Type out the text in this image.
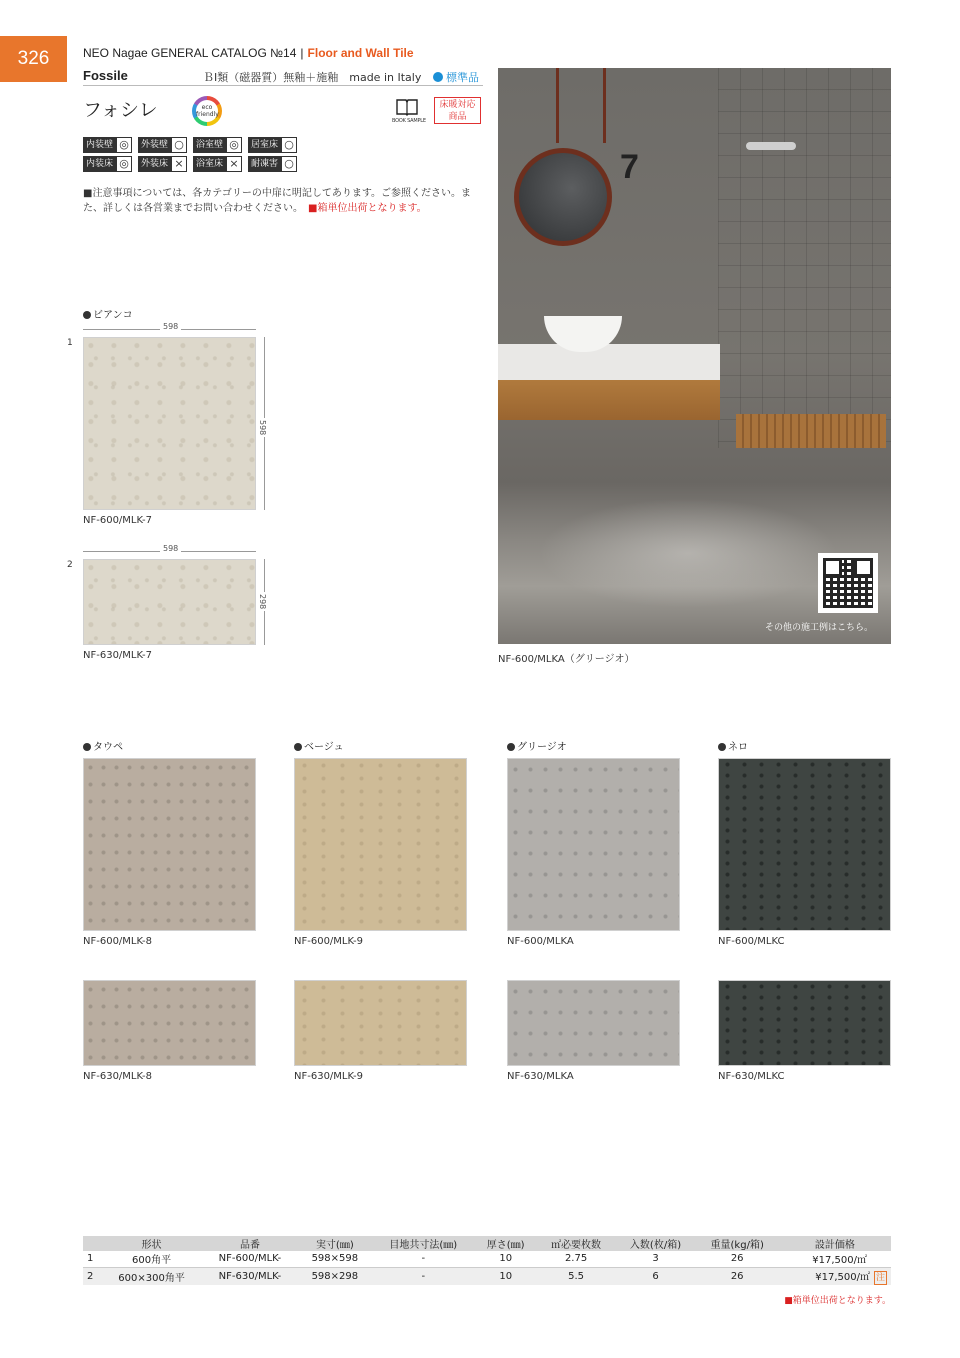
326	NEO Nagae GENERAL CATALOG №14 | Floor and Wall Tile
Fossile	ＢⅠ類（磁器質）無釉＋施釉　made in Italy	標準品
フォシレ	eco friendly
BOOK SAMPLE
床暖対応
商品
内装壁 ◎	外装壁 ○	浴室壁 ◎	居室床 ○
内装床 ◎	外装床 ×	浴室床 ×	耐凍害 ○
■注意事項については、各カテゴリーの中扉に明記してあります。ご参照ください。また、詳しくは各営業までお問い合わせください。　 ■箱単位出荷となります。
ビアンコ
598
1
598
NF-600/MLK-7
598
2
298
NF-630/MLK-7
7
その他の施工例はこちら。
NF-600/MLKA（グリージオ）
タウペ
NF-600/MLK-8
NF-630/MLK-8
ベージュ
NF-600/MLK-9
NF-630/MLK-9
グリージオ
NF-600/MLKA
NF-630/MLKA
ネロ
NF-600/MLKC
NF-630/MLKC
	形状	品番	実寸(㎜)	目地共寸法(㎜)	厚さ(㎜)	㎡必要枚数	入数(枚/箱)	重量(kg/箱)	設計価格
1	600角平	NF-600/MLK-	598×598	-	10	2.75	3	26	¥17,500/㎡
2	600×300角平	NF-630/MLK-	598×298	-	10	5.5	6	26	¥17,500/㎡ 注
■箱単位出荷となります。
